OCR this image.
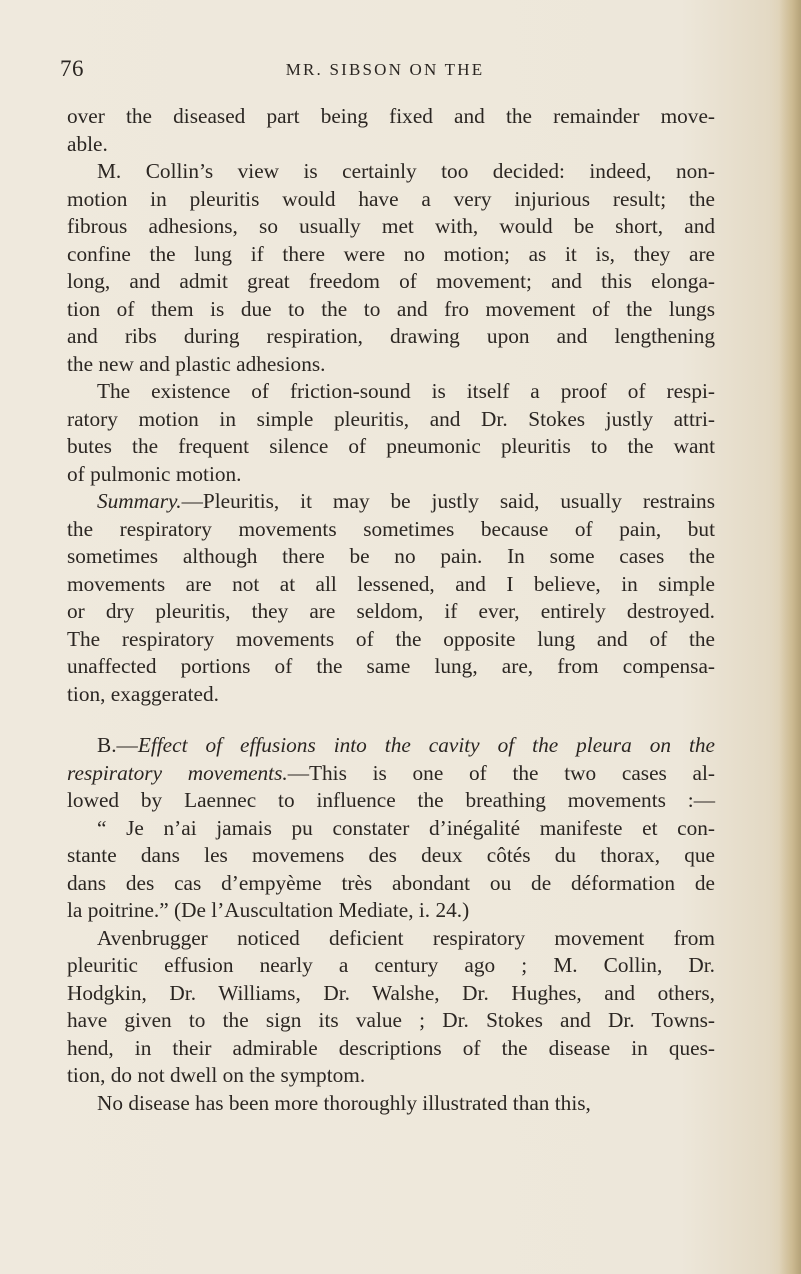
76	MR. SIBSON ON THE
over the diseased part being fixed and the remainder move-
able.
M. Collin’s view is certainly too decided: indeed, non-
motion in pleuritis would have a very injurious result; the
fibrous adhesions, so usually met with, would be short, and
confine the lung if there were no motion; as it is, they are
long, and admit great freedom of movement; and this elonga-
tion of them is due to the to and fro movement of the lungs
and ribs during respiration, drawing upon and lengthening
the new and plastic adhesions.
The existence of friction-sound is itself a proof of respi-
ratory motion in simple pleuritis, and Dr. Stokes justly attri-
butes the frequent silence of pneumonic pleuritis to the want
of pulmonic motion.
Summary.—Pleuritis, it may be justly said, usually restrains
the respiratory movements sometimes because of pain, but
sometimes although there be no pain. In some cases the
movements are not at all lessened, and I believe, in simple
or dry pleuritis, they are seldom, if ever, entirely destroyed.
The respiratory movements of the opposite lung and of the
unaffected portions of the same lung, are, from compensa-
tion, exaggerated.
B.—Effect of effusions into the cavity of the pleura on the
respiratory movements.—This is one of the two cases al-
lowed by Laennec to influence the breathing movements :—
“ Je n’ai jamais pu constater d’inégalité manifeste et con-
stante dans les movemens des deux côtés du thorax, que
dans des cas d’empyème très abondant ou de déformation de
la poitrine.” (De l’Auscultation Mediate, i. 24.)
Avenbrugger noticed deficient respiratory movement from
pleuritic effusion nearly a century ago ; M. Collin, Dr.
Hodgkin, Dr. Williams, Dr. Walshe, Dr. Hughes, and others,
have given to the sign its value ; Dr. Stokes and Dr. Towns-
hend, in their admirable descriptions of the disease in ques-
tion, do not dwell on the symptom.
No disease has been more thoroughly illustrated than this,
